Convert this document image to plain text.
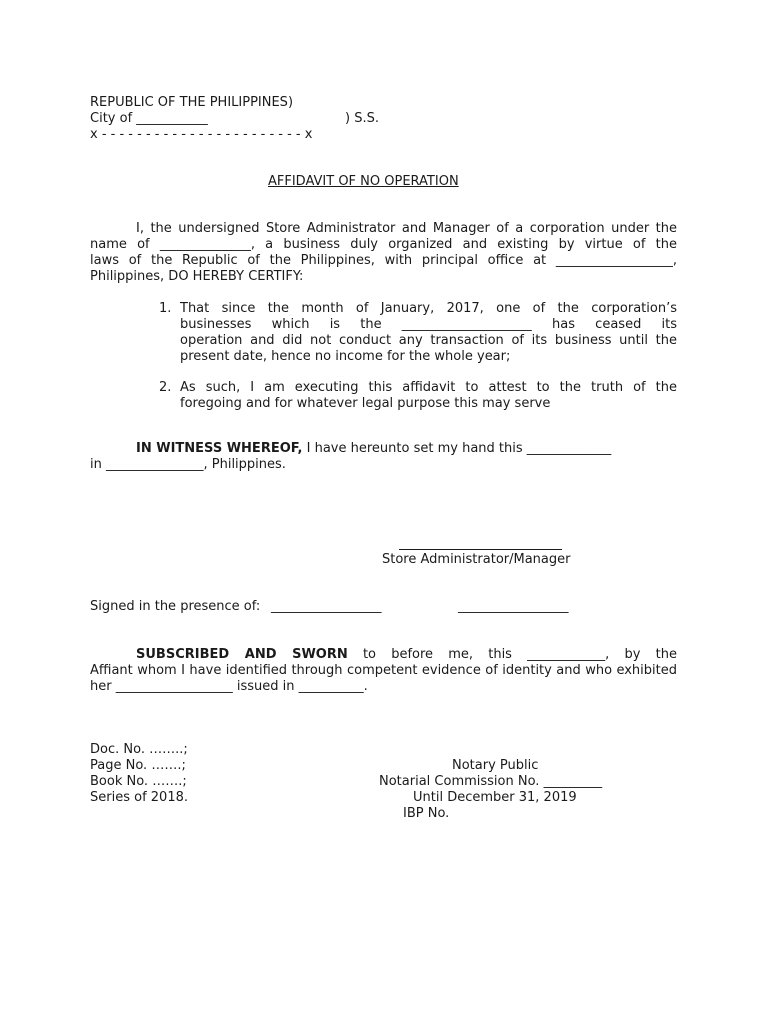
REPUBLIC OF THE PHILIPPINES)
City of ___________	) S.S.
x - - - - - - - - - - - - - - - - - - - - - - - x
AFFIDAVIT OF NO OPERATION
I, the undersigned Store Administrator and Manager of a corporation under the
name of ______________, a business duly organized and existing by virtue of the
laws of the Republic of the Philippines, with principal office at __________________,
Philippines, DO HEREBY CERTIFY:
1. That since the month of January, 2017, one of the corporation’s
businesses which is the ____________________ has ceased its
operation and did not conduct any transaction of its business until the
present date, hence no income for the whole year;
2. As such, I am executing this affidavit to attest to the truth of the
foregoing and for whatever legal purpose this may serve
IN WITNESS WHEREOF, I have hereunto set my hand this _____________
in _______________, Philippines.
Store Administrator/Manager
Signed in the presence of: _________________	_________________
SUBSCRIBED AND SWORN to before me, this ____________, by the
Affiant whom I have identified through competent evidence of identity and who exhibited
her __________________ issued in __________.
Doc. No. ……..;
Page No. …….;
Book No. …….;
Series of 2018.
Notary Public
Notarial Commission No. _________
Until December 31, 2019
IBP No.
